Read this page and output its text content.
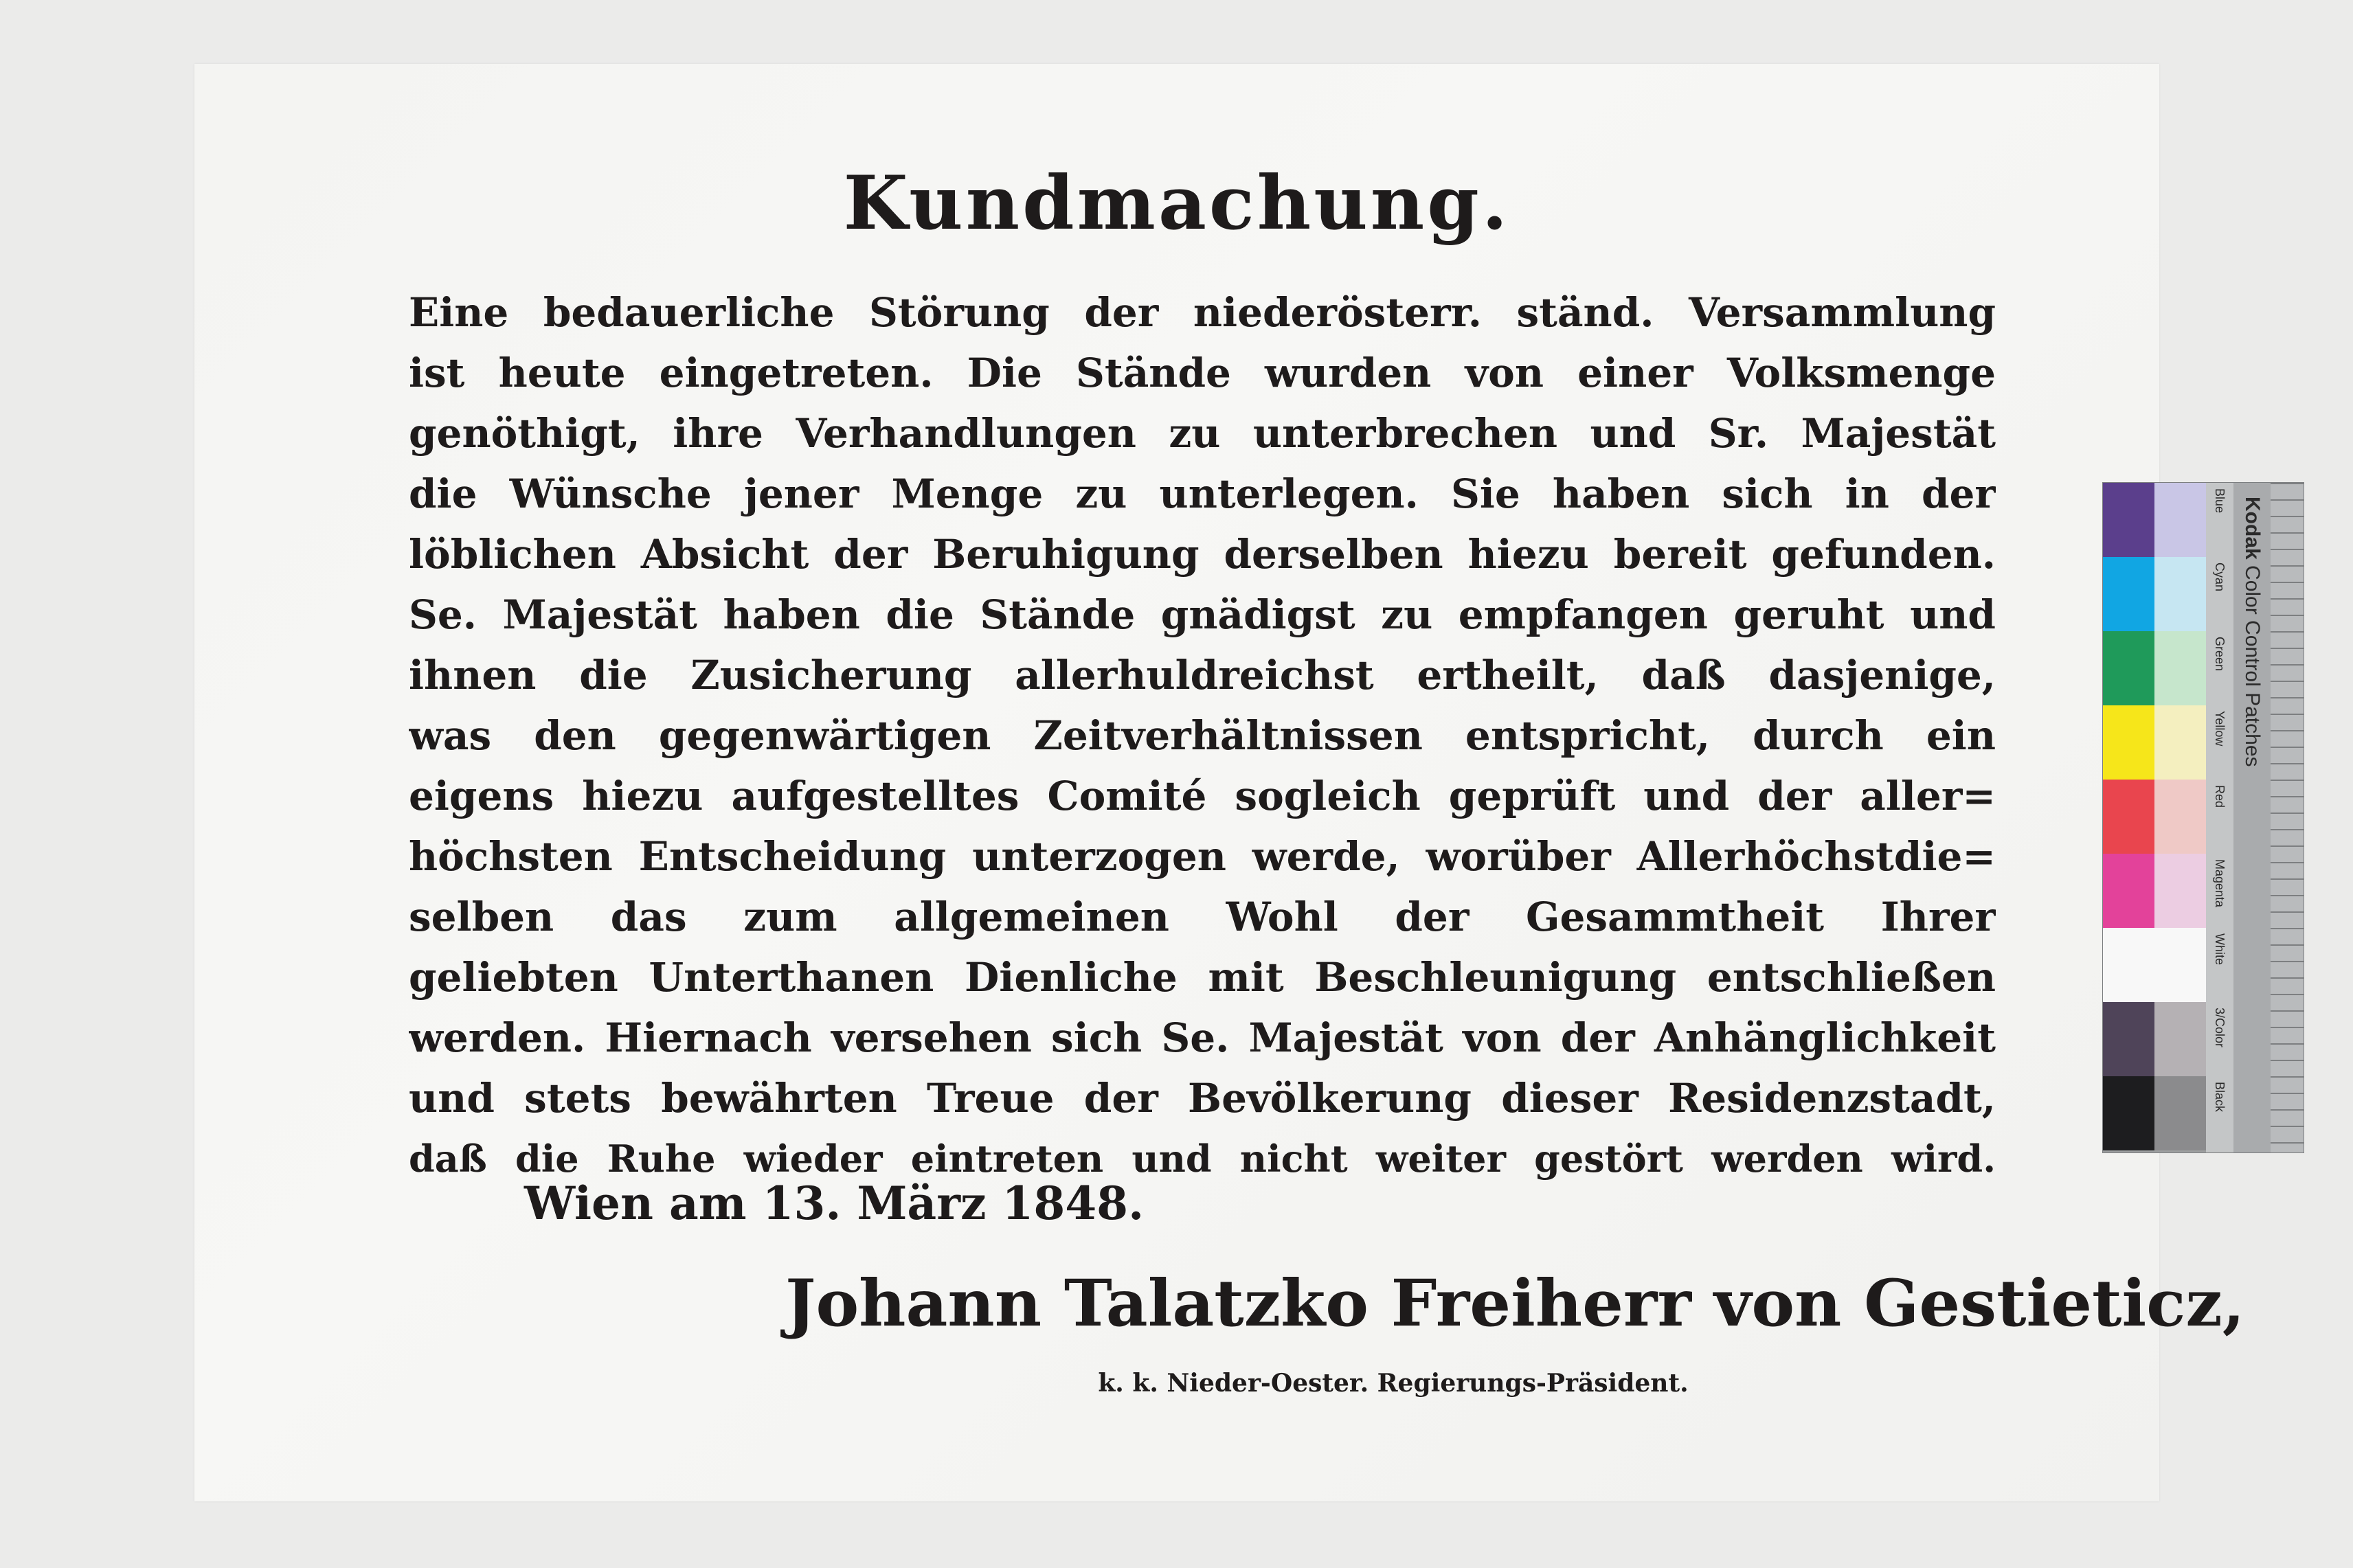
Kundmachung.
Eine bedauerliche Störung der niederösterr. ständ. Versammlung
ist heute eingetreten. Die Stände wurden von einer Volksmenge
genöthigt, ihre Verhandlungen zu unterbrechen und Sr. Majestät
die Wünsche jener Menge zu unterlegen. Sie haben sich in der
löblichen Absicht der Beruhigung derselben hiezu bereit gefunden.
Se. Majestät haben die Stände gnädigst zu empfangen geruht und
ihnen die Zusicherung allerhuldreichst ertheilt, daß dasjenige,
was den gegenwärtigen Zeitverhältnissen entspricht, durch ein
eigens hiezu aufgestelltes Comité sogleich geprüft und der aller=
höchsten Entscheidung unterzogen werde, worüber Allerhöchstdie=
selben das zum allgemeinen Wohl der Gesammtheit Ihrer
geliebten Unterthanen Dienliche mit Beschleunigung entschließen
werden. Hiernach versehen sich Se. Majestät von der Anhänglichkeit
und stets bewährten Treue der Bevölkerung dieser Residenzstadt,
daß die Ruhe wieder eintreten und nicht weiter gestört werden wird.
Wien am 13. März 1848.
Johann Talatzko Freiherr von Gestieticz,
k. k. Nieder-Oester. Regierungs-Präsident.
Blue
Cyan
Green
Yellow
Red
Magenta
White
3/Color
Black
Kodak Color Control Patches
